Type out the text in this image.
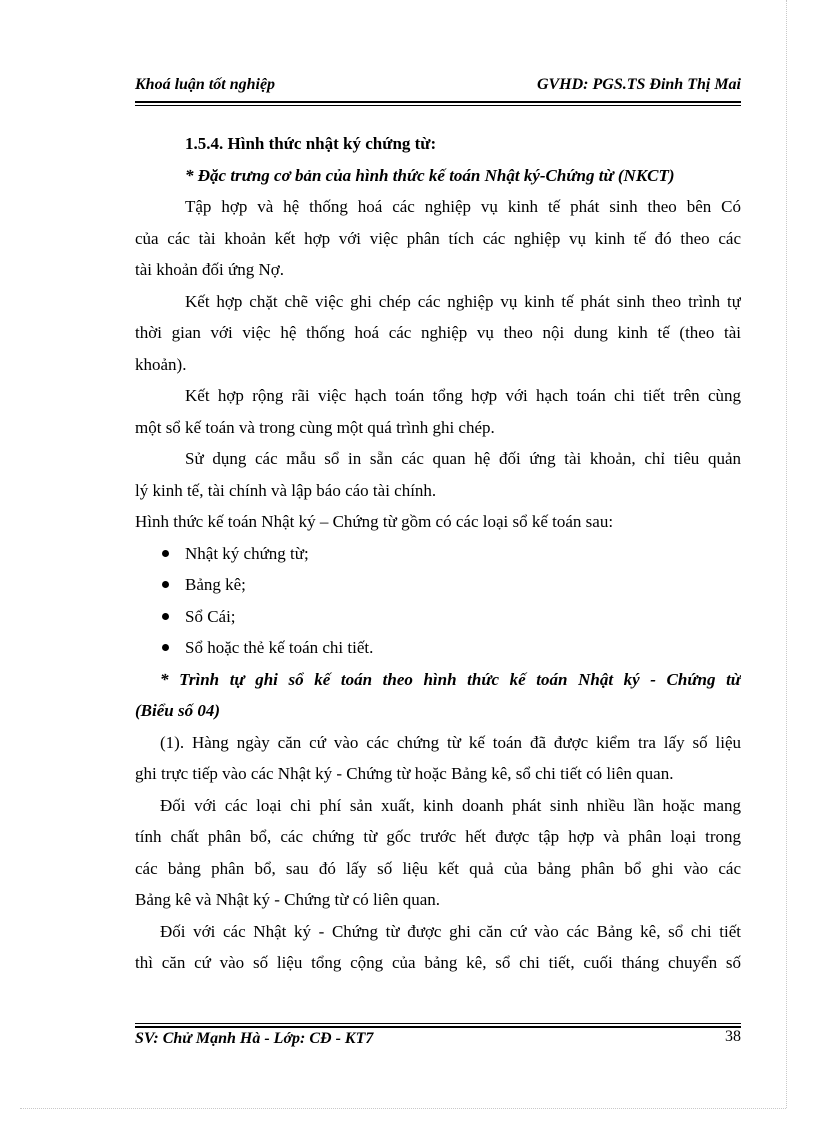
Khoá luận tốt nghiệp	GVHD: PGS.TS Đinh Thị Mai
1.5.4. Hình thức nhật ký chứng từ:
* Đặc trưng cơ bản của hình thức kế toán Nhật ký-Chứng từ (NKCT)
Tập hợp và hệ thống hoá các nghiệp vụ kinh tế phát sinh theo bên Có
của các tài khoản kết hợp với việc phân tích các nghiệp vụ kinh tế đó theo các
tài khoản đối ứng Nợ.
Kết hợp chặt chẽ việc ghi chép các nghiệp vụ kinh tế phát sinh theo trình tự
thời gian với việc hệ thống hoá các nghiệp vụ theo nội dung kinh tế (theo tài
khoản).
Kết hợp rộng rãi việc hạch toán tổng hợp với hạch toán chi tiết trên cùng
một sổ kế toán và trong cùng một quá trình ghi chép.
Sử dụng các mẫu sổ in sẵn các quan hệ đối ứng tài khoản, chỉ tiêu quản
lý kinh tế, tài chính và lập báo cáo tài chính.
Hình thức kế toán Nhật ký – Chứng từ gồm có các loại sổ kế toán sau:
Nhật ký chứng từ;
Bảng kê;
Sổ Cái;
Sổ hoặc thẻ kế toán chi tiết.
* Trình tự ghi sổ kế toán theo hình thức kế toán Nhật ký - Chứng từ
(Biểu số 04)
(1). Hàng ngày căn cứ vào các chứng từ kế toán đã được kiểm tra lấy số liệu
ghi trực tiếp vào các Nhật ký - Chứng từ hoặc Bảng kê, sổ chi tiết có liên quan.
Đối với các loại chi phí sản xuất, kinh doanh phát sinh nhiều lần hoặc mang
tính chất phân bổ, các chứng từ gốc trước hết được tập hợp và phân loại trong
các bảng phân bổ, sau đó lấy số liệu kết quả của bảng phân bổ ghi vào các
Bảng kê và Nhật ký - Chứng từ có liên quan.
Đối với các Nhật ký - Chứng từ được ghi căn cứ vào các Bảng kê, sổ chi tiết
thì căn cứ vào số liệu tổng cộng của bảng kê, sổ chi tiết, cuối tháng chuyển số
SV: Chử Mạnh Hà - Lớp: CĐ - KT7	38
